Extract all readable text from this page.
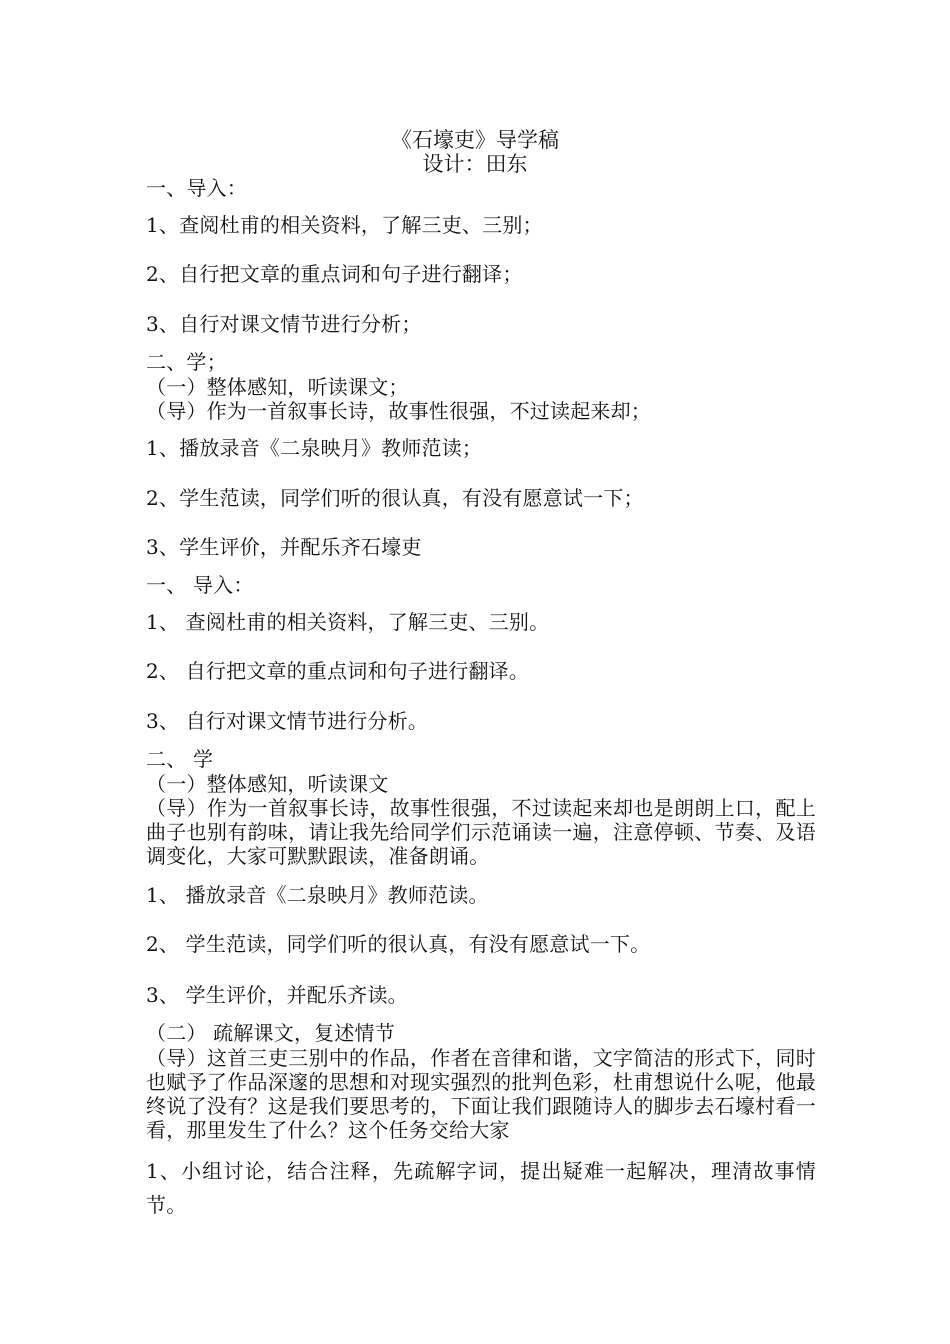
《石壕吏》导学稿
设计：田东
一、导入：
1、查阅杜甫的相关资料，了解三吏、三别；
2、自行把文章的重点词和句子进行翻译；
3、自行对课文情节进行分析；
二、学；
（一）整体感知，听读课文；
（导）作为一首叙事长诗，故事性很强，不过读起来却；
1、播放录音《二泉映月》教师范读；
2、学生范读，同学们听的很认真，有没有愿意试一下；
3、学生评价，并配乐齐石壕吏
一、 导入：
1、 查阅杜甫的相关资料，了解三吏、三别。
2、 自行把文章的重点词和句子进行翻译。
3、 自行对课文情节进行分析。
二、 学
（一）整体感知，听读课文
（导）作为一首叙事长诗，故事性很强，不过读起来却也是朗朗上口，配上曲子也别有韵味，请让我先给同学们示范诵读一遍，注意停顿、节奏、及语调变化，大家可默默跟读，准备朗诵。
1、 播放录音《二泉映月》教师范读。
2、 学生范读，同学们听的很认真，有没有愿意试一下。
3、 学生评价，并配乐齐读。
（二） 疏解课文，复述情节
（导）这首三吏三别中的作品，作者在音律和谐，文字简洁的形式下，同时也赋予了作品深邃的思想和对现实强烈的批判色彩，杜甫想说什么呢，他最终说了没有？这是我们要思考的，下面让我们跟随诗人的脚步去石壕村看一看，那里发生了什么？这个任务交给大家
1、小组讨论，结合注释，先疏解字词，提出疑难一起解决，理清故事情节。
